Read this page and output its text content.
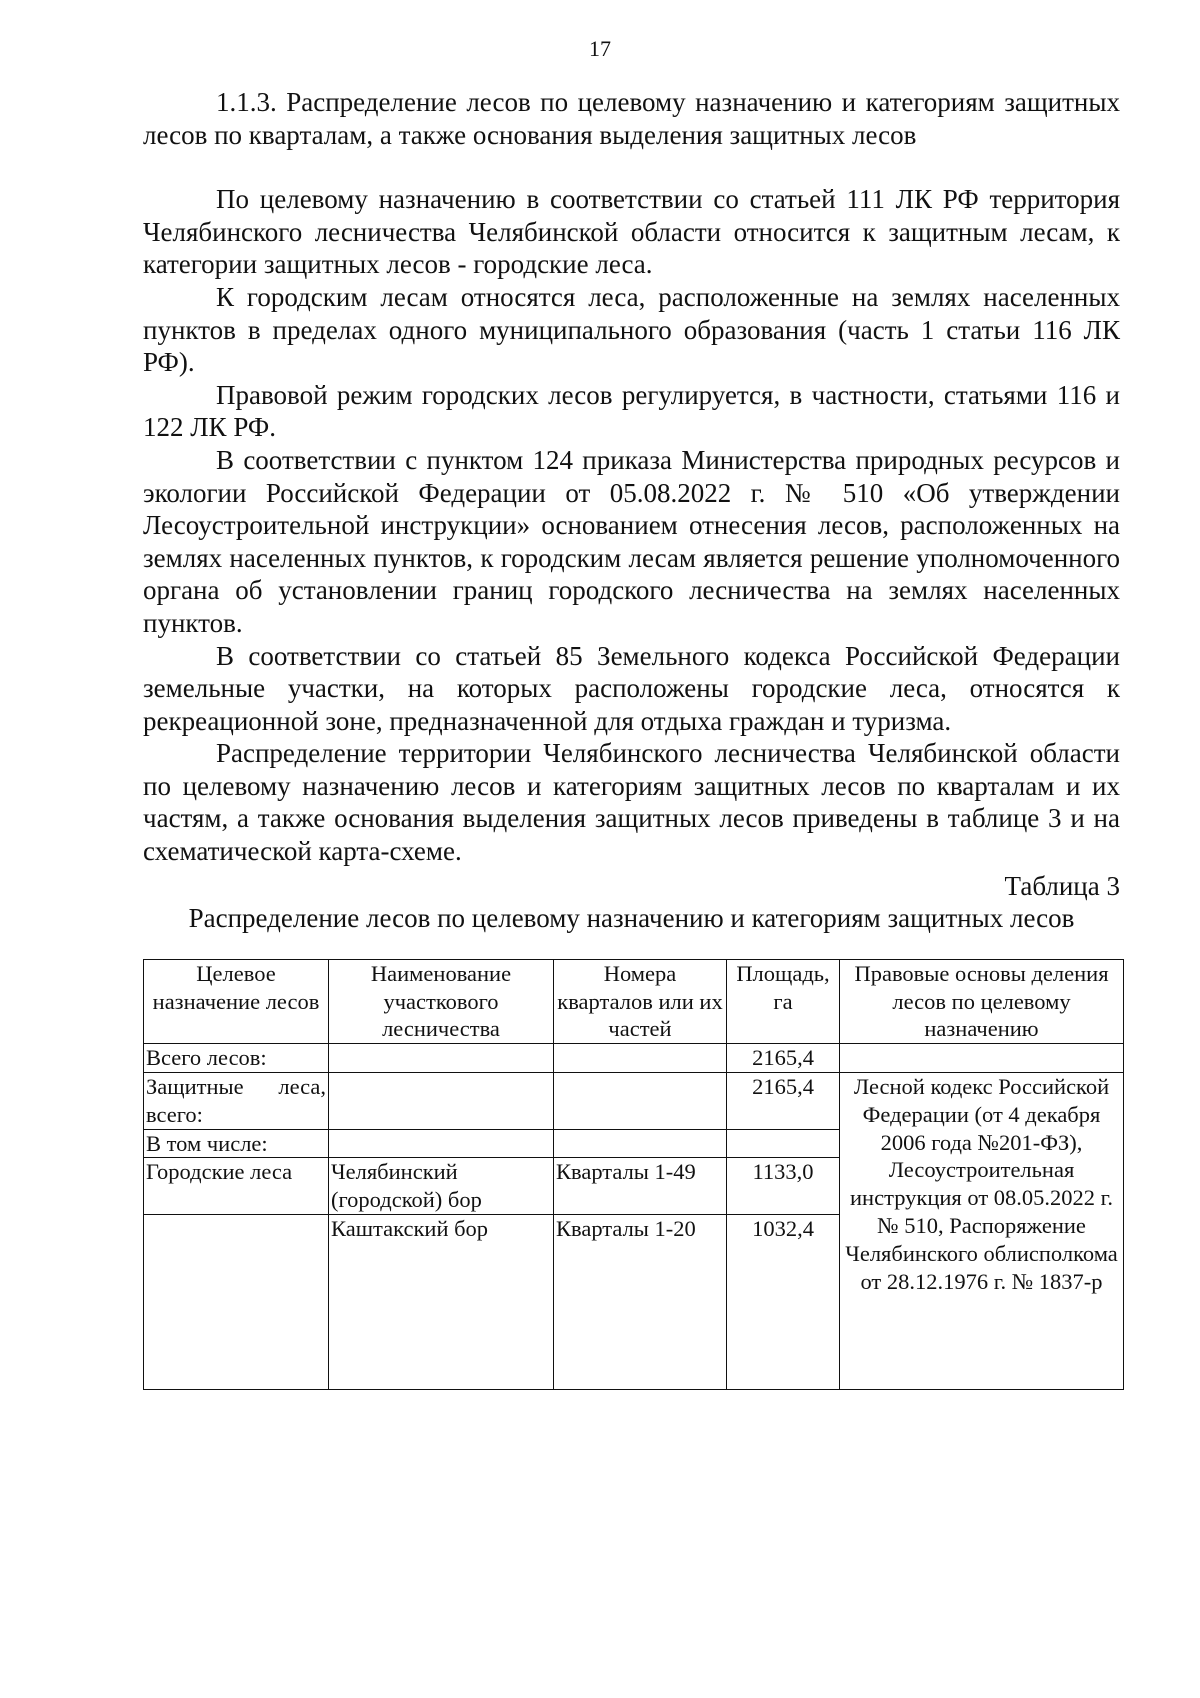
17

1.1.3. Распределение лесов по целевому назначению и категориям защитных лесов по кварталам, а также основания выделения защитных лесов

По целевому назначению в соответствии со статьей 111 ЛК РФ территория Челябинского лесничества Челябинской области относится к защитным лесам, к категории защитных лесов - городские леса.

К городским лесам относятся леса, расположенные на землях населенных пунктов в пределах одного муниципального образования (часть 1 статьи 116 ЛК РФ).

Правовой режим городских лесов регулируется, в частности, статьями 116 и 122 ЛК РФ.

В соответствии с пунктом 124 приказа Министерства природных ресурсов и экологии Российской Федерации от 05.08.2022 г. № 510 «Об утверждении Лесоустроительной инструкции» основанием отнесения лесов, расположенных на землях населенных пунктов, к городским лесам является решение уполномоченного органа об установлении границ городского лесничества на землях населенных пунктов.

В соответствии со статьей 85 Земельного кодекса Российской Федерации земельные участки, на которых расположены городские леса, относятся к рекреационной зоне, предназначенной для отдыха граждан и туризма.

Распределение территории Челябинского лесничества Челябинской области по целевому назначению лесов и категориям защитных лесов по кварталам и их частям, а также основания выделения защитных лесов приведены в таблице 3 и на схематической карта-схеме.

Таблица 3
Распределение лесов по целевому назначению и категориям защитных лесов
Целевое назначение лесов	Наименование участкового лесничества	Номера кварталов или их частей	Площадь, га	Правовые основы деления лесов по целевому назначению
Всего лесов:			2165,4	
Защитные леса, всего:			2165,4	Лесной кодекс Российской Федерации (от 4 декабря 2006 года №201-ФЗ), Лесоустроительная инструкция от 08.05.2022 г. № 510, Распоряжение Челябинского облисполкома от 28.12.1976 г. № 1837-р
В том числе:				
Городские леса	Челябинский (городской) бор	Кварталы 1-49	1133,0	
	Каштакский бор	Кварталы 1-20	1032,4	
